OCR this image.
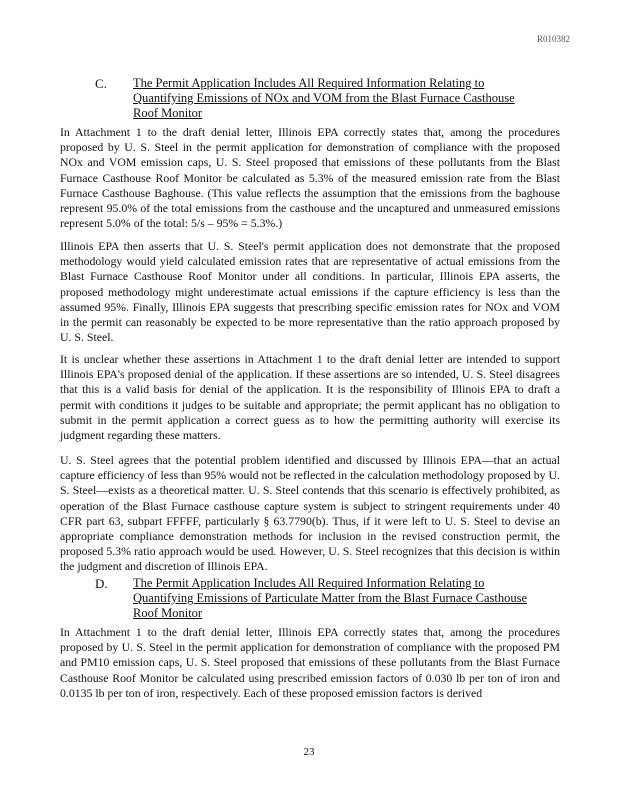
R010382
C. The Permit Application Includes All Required Information Relating to Quantifying Emissions of NOx and VOM from the Blast Furnace Casthouse Roof Monitor

In Attachment 1 to the draft denial letter, Illinois EPA correctly states that, among the procedures proposed by U. S. Steel in the permit application for demonstration of compliance with the proposed NOx and VOM emission caps, U. S. Steel proposed that emissions of these pollutants from the Blast Furnace Casthouse Roof Monitor be calculated as 5.3% of the measured emission rate from the Blast Furnace Casthouse Baghouse. (This value reflects the assumption that the emissions from the baghouse represent 95.0% of the total emissions from the casthouse and the uncaptured and unmeasured emissions represent 5.0% of the total: 5/s – 95% = 5.3%.)

Illinois EPA then asserts that U. S. Steel's permit application does not demonstrate that the proposed methodology would yield calculated emission rates that are representative of actual emissions from the Blast Furnace Casthouse Roof Monitor under all conditions. In particular, Illinois EPA asserts, the proposed methodology might underestimate actual emissions if the capture efficiency is less than the assumed 95%. Finally, Illinois EPA suggests that prescribing specific emission rates for NOx and VOM in the permit can reasonably be expected to be more representative than the ratio approach proposed by U. S. Steel.

It is unclear whether these assertions in Attachment 1 to the draft denial letter are intended to support Illinois EPA's proposed denial of the application. If these assertions are so intended, U. S. Steel disagrees that this is a valid basis for denial of the application. It is the responsibility of Illinois EPA to draft a permit with conditions it judges to be suitable and appropriate; the permit applicant has no obligation to submit in the permit application a correct guess as to how the permitting authority will exercise its judgment regarding these matters.

U. S. Steel agrees that the potential problem identified and discussed by Illinois EPA—that an actual capture efficiency of less than 95% would not be reflected in the calculation methodology proposed by U. S. Steel—exists as a theoretical matter. U. S. Steel contends that this scenario is effectively prohibited, as operation of the Blast Furnace casthouse capture system is subject to stringent requirements under 40 CFR part 63, subpart FFFFF, particularly § 63.7790(b). Thus, if it were left to U. S. Steel to devise an appropriate compliance demonstration methods for inclusion in the revised construction permit, the proposed 5.3% ratio approach would be used. However, U. S. Steel recognizes that this decision is within the judgment and discretion of Illinois EPA.

D. The Permit Application Includes All Required Information Relating to Quantifying Emissions of Particulate Matter from the Blast Furnace Casthouse Roof Monitor

In Attachment 1 to the draft denial letter, Illinois EPA correctly states that, among the procedures proposed by U. S. Steel in the permit application for demonstration of compliance with the proposed PM and PM10 emission caps, U. S. Steel proposed that emissions of these pollutants from the Blast Furnace Casthouse Roof Monitor be calculated using prescribed emission factors of 0.030 lb per ton of iron and 0.0135 lb per ton of iron, respectively. Each of these proposed emission factors is derived

23
